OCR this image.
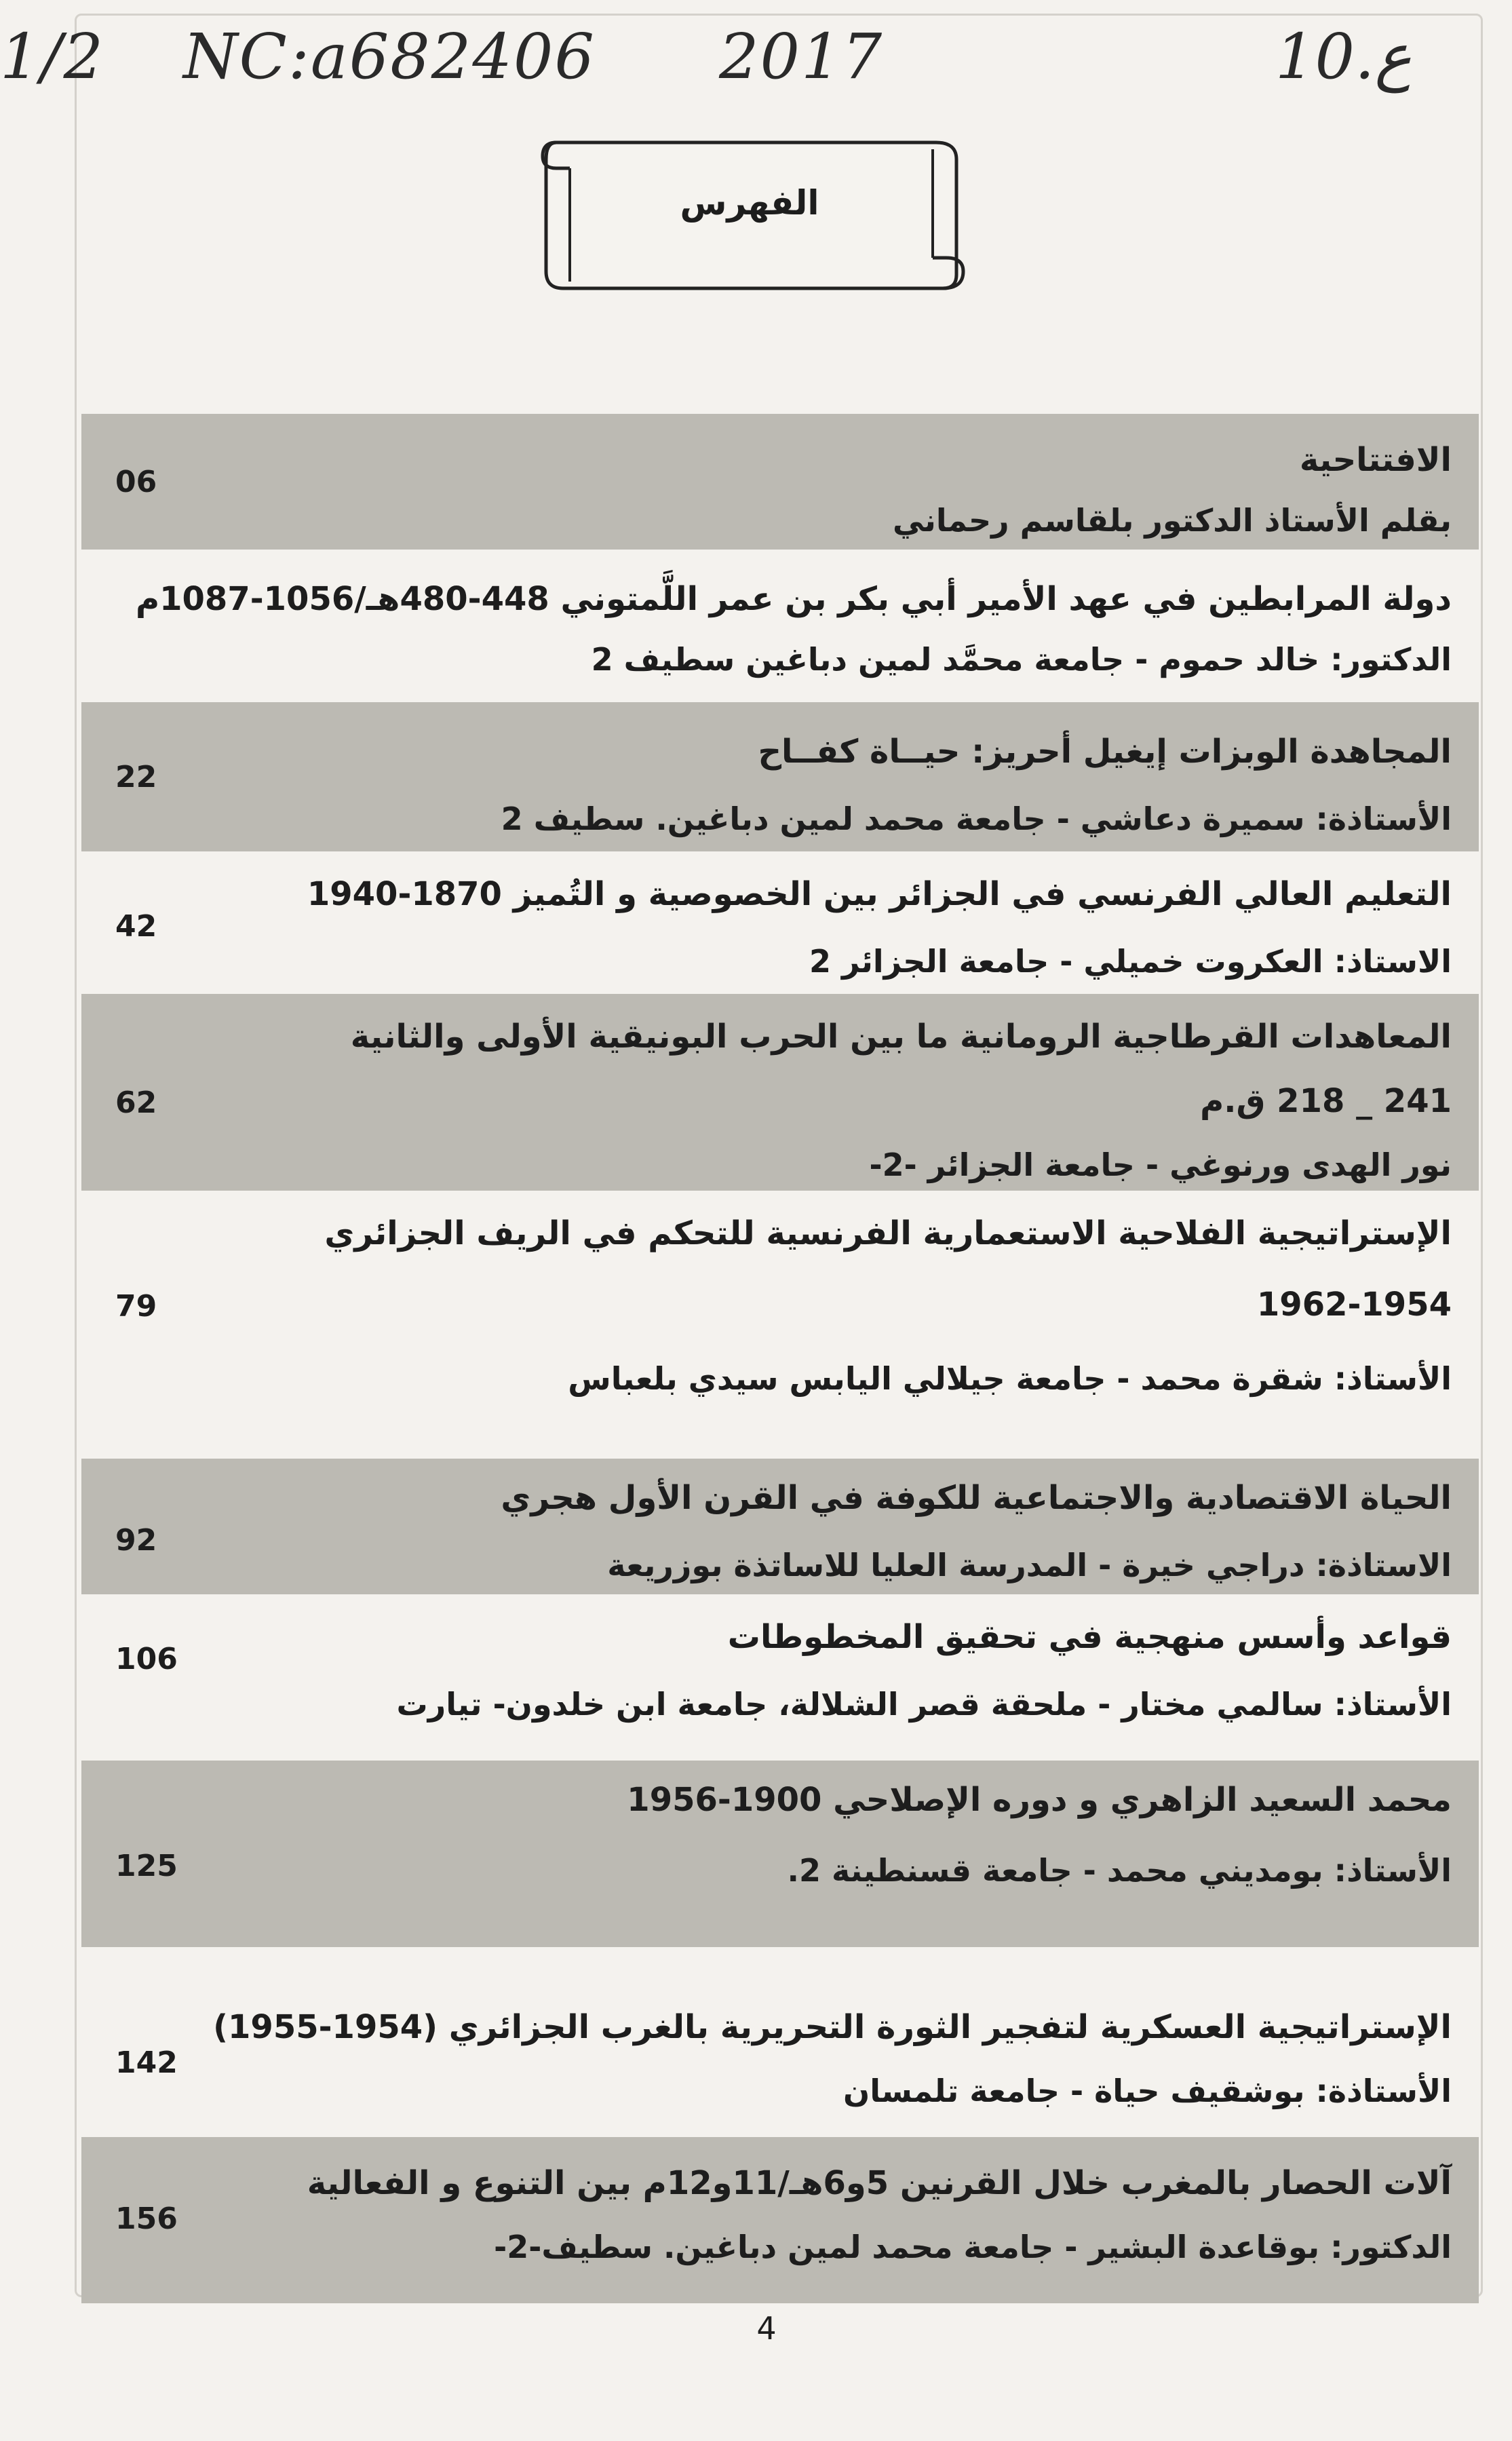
1/2 NC:a682406 2017	ع.10
الفهرس
الافتتاحية
بقلم الأستاذ الدكتور بلقاسم رحماني
06
دولة المرابطين في عهد الأمير أبي بكر بن عمر اللَّمتوني 448-480هـ/1056-1087م
الدكتور: خالد حموم - جامعة محمَّد لمين دباغين سطيف 2
المجاهدة الوبزات إيغيل أحريز: حيــاة كفــاح
الأستاذة: سميرة دعاشي - جامعة محمد لمين دباغين. سطيف 2
22
التعليم العالي الفرنسي في الجزائر بين الخصوصية و التُميز 1870-1940
الاستاذ: العكروت خميلي - جامعة الجزائر 2
42
المعاهدات القرطاجية الرومانية ما بين الحرب البونيقية الأولى والثانية
241 _ 218 ق.م
نور الهدى ورنوغي - جامعة الجزائر -2-
62
الإستراتيجية الفلاحية الاستعمارية الفرنسية للتحكم في الريف الجزائري
1962-1954
الأستاذ: شقرة محمد - جامعة جيلالي اليابس سيدي بلعباس
79
الحياة الاقتصادية والاجتماعية للكوفة في القرن الأول هجري
الاستاذة: دراجي خيرة - المدرسة العليا للاساتذة بوزريعة
92
قواعد وأسس منهجية في تحقيق المخطوطات
الأستاذ: سالمي مختار - ملحقة قصر الشلالة، جامعة ابن خلدون- تيارت
106
محمد السعيد الزاهري و دوره الإصلاحي 1900-1956
الأستاذ: بومديني محمد - جامعة قسنطينة 2.
125
الإستراتيجية العسكرية لتفجير الثورة التحريرية بالغرب الجزائري (1954-1955)
الأستاذة: بوشقيف حياة - جامعة تلمسان
142
آلات الحصار بالمغرب خلال القرنين 5و6هـ/11و12م بين التنوع و الفعالية
الدكتور: بوقاعدة البشير - جامعة محمد لمين دباغين. سطيف-2-
156
4
